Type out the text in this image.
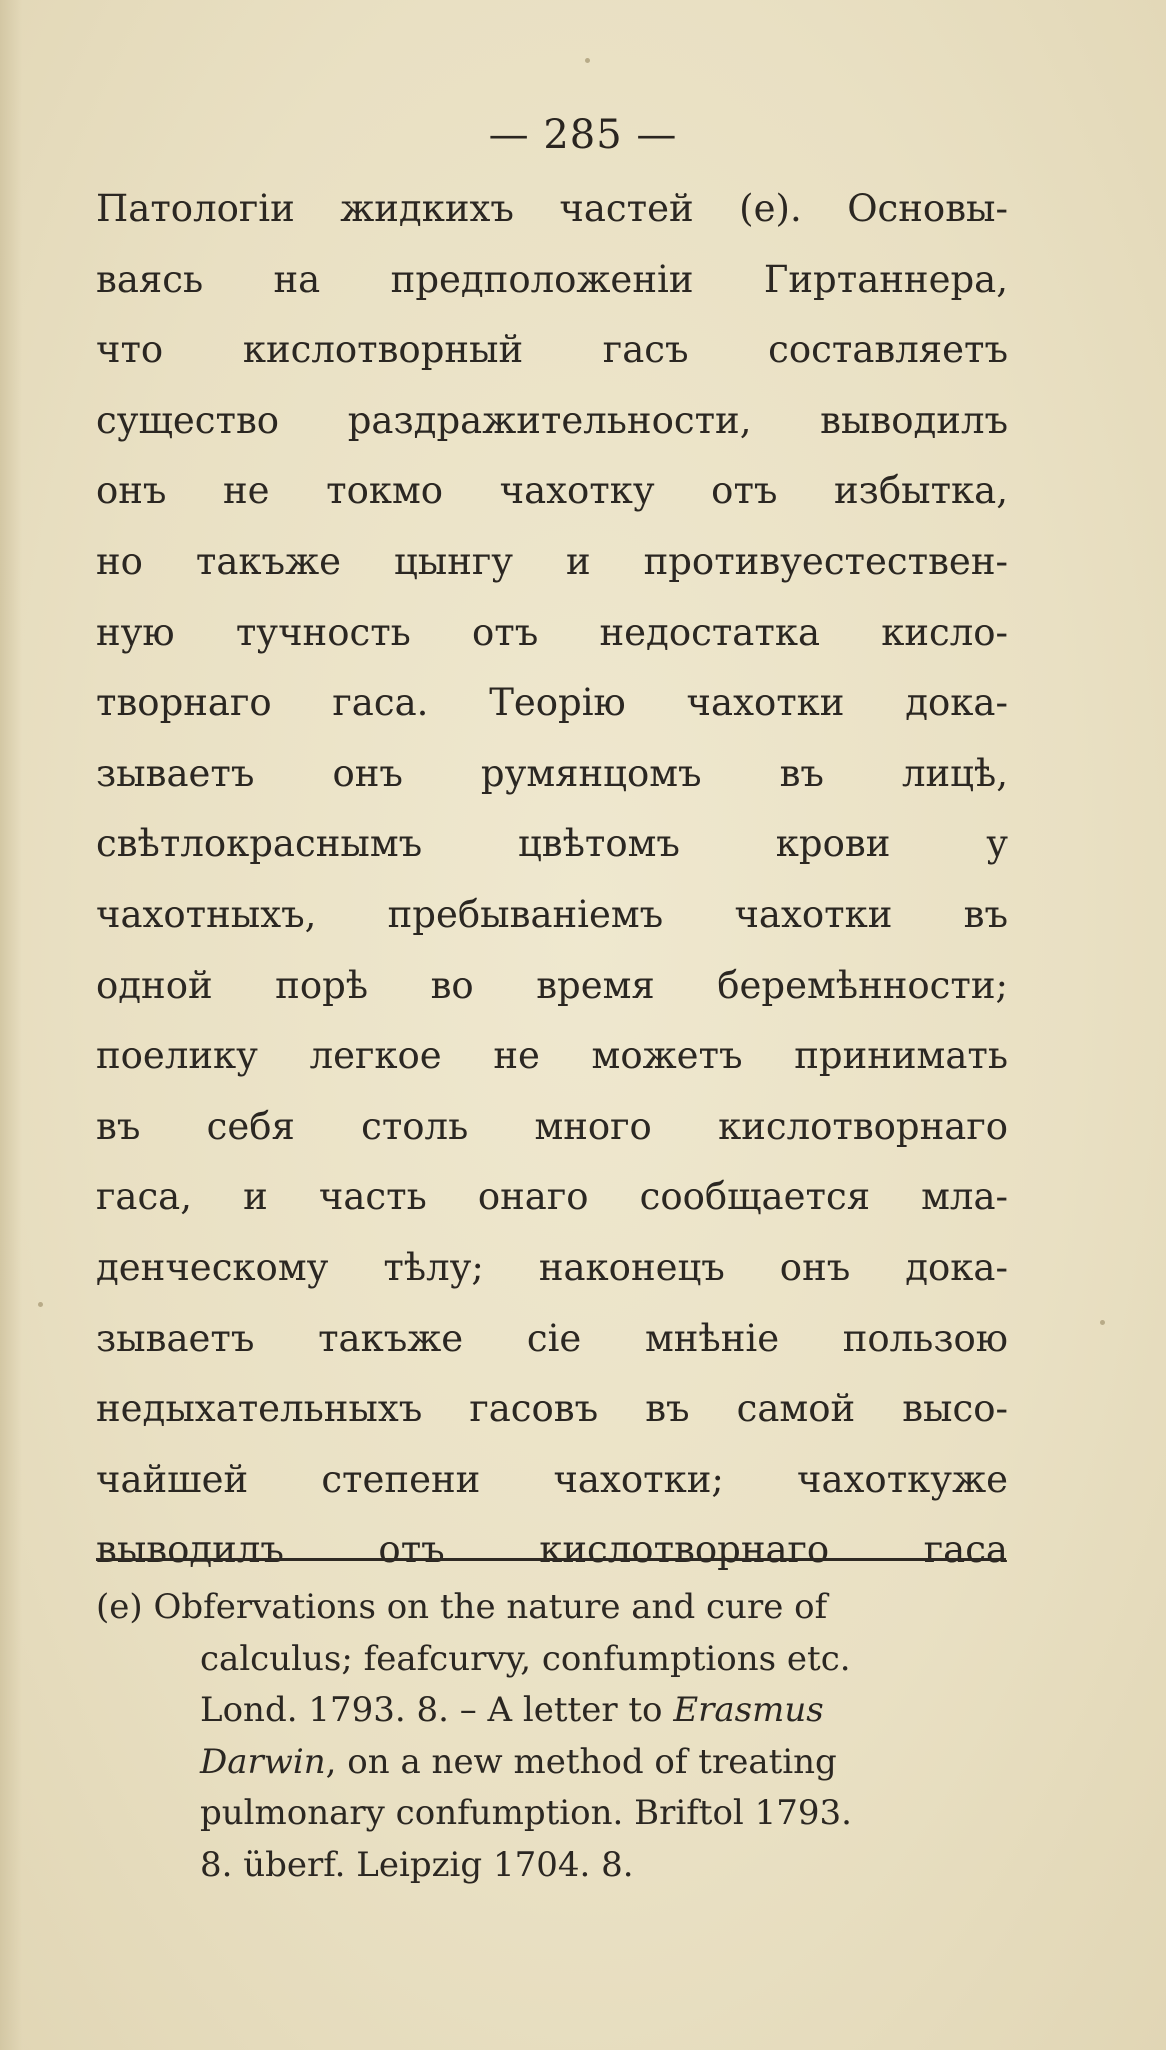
— 285 —
Патологіи жидкихъ частей (е). Основы-
ваясь на предположеніи Гиртаннера,
что кислотворный гасъ составляетъ
существо раздражительности, выводилъ
онъ не токмо чахотку отъ избытка,
но такъже цынгу и противуестествен-
ную тучность отъ недостатка кисло-
творнаго гаса. Теорію чахотки дока-
зываетъ онъ румянцомъ въ лицѣ,
свѣтлокраснымъ цвѣтомъ крови у
чахотныхъ, пребываніемъ чахотки въ
одной порѣ во время беремѣнности;
поелику легкое не можетъ принимать
въ себя столь много кислотворнаго
гаса, и часть онаго сообщается мла-
денческому тѣлу; наконецъ онъ дока-
зываетъ такъже сіе мнѣніе пользою
недыхательныхъ гасовъ въ самой высо-
чайшей степени чахотки; чахоткуже
выводилъ отъ кислотворнаго гаса
(e) Obfervations on the nature and cure of
calculus; feafcurvy, confumptions etc.
Lond. 1793. 8. – A letter to Erasmus
Darwin, on a new method of treating
pulmonary confumption. Briftol 1793.
8. überf. Leipzig 1704. 8.
